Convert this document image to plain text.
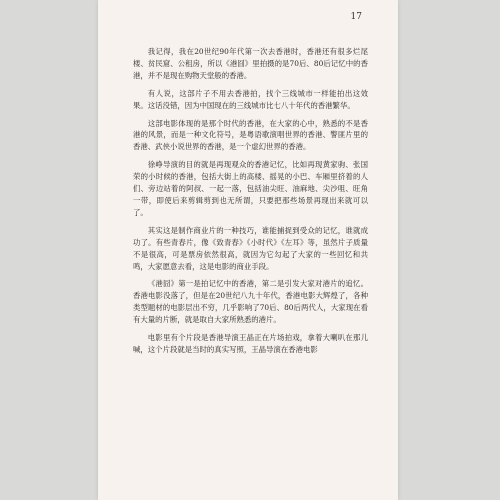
17

我记得，我在20世纪90年代第一次去香港时，香港还有很多烂尾楼、贫民窟、公租房，所以《港囧》里拍摄的是70后、80后记忆中的香港，并不是现在购物天堂般的香港。

有人说，这部片子不用去香港拍，找个三线城市一样能拍出这效果。这话没错，因为中国现在的三线城市比七八十年代的香港繁华。

这部电影体现的是那个时代的香港，在大家的心中，熟悉的不是香港的风景，而是一种文化符号，是粤语歌演唱世界的香港、警匪片里的香港、武侠小说世界的香港，是一个虚幻世界的香港。

徐峥导演的目的就是再现观众的香港记忆，比如再现黄家驹、张国荣的小时候的香港，包括大街上的高楼、摇晃的小巴、车厢里挤着的人们、旁边站着的阿叔、一起一落，包括油尖旺、油麻地、尖沙咀、旺角一带，即使后来剪辑剪到也无所谓，只要把那些场景再现出来就可以了。

其实这是制作商业片的一种技巧，谁能捕捉到受众的记忆，谁就成功了。有些青春片，像《致青春》《小时代》《左耳》等，虽然片子质量不是很高，可是票房依然很高，就因为它勾起了大家的一些回忆和共鸣，大家愿意去看，这是电影的商业手段。

《港囧》第一是拍记忆中的香港，第二是引发大家对港片的追忆。香港电影没落了，但是在20世纪八九十年代，香港电影大辉煌了，各种类型题材的电影层出不穷，几乎影响了70后、80后两代人，大家现在看有大量的片断，就是取自大家所熟悉的港片。

电影里有个片段是香港导演王晶正在片场拍戏，拿着大喇叭在那儿喊，这个片段就是当时的真实写照，王晶导演在香港电影
